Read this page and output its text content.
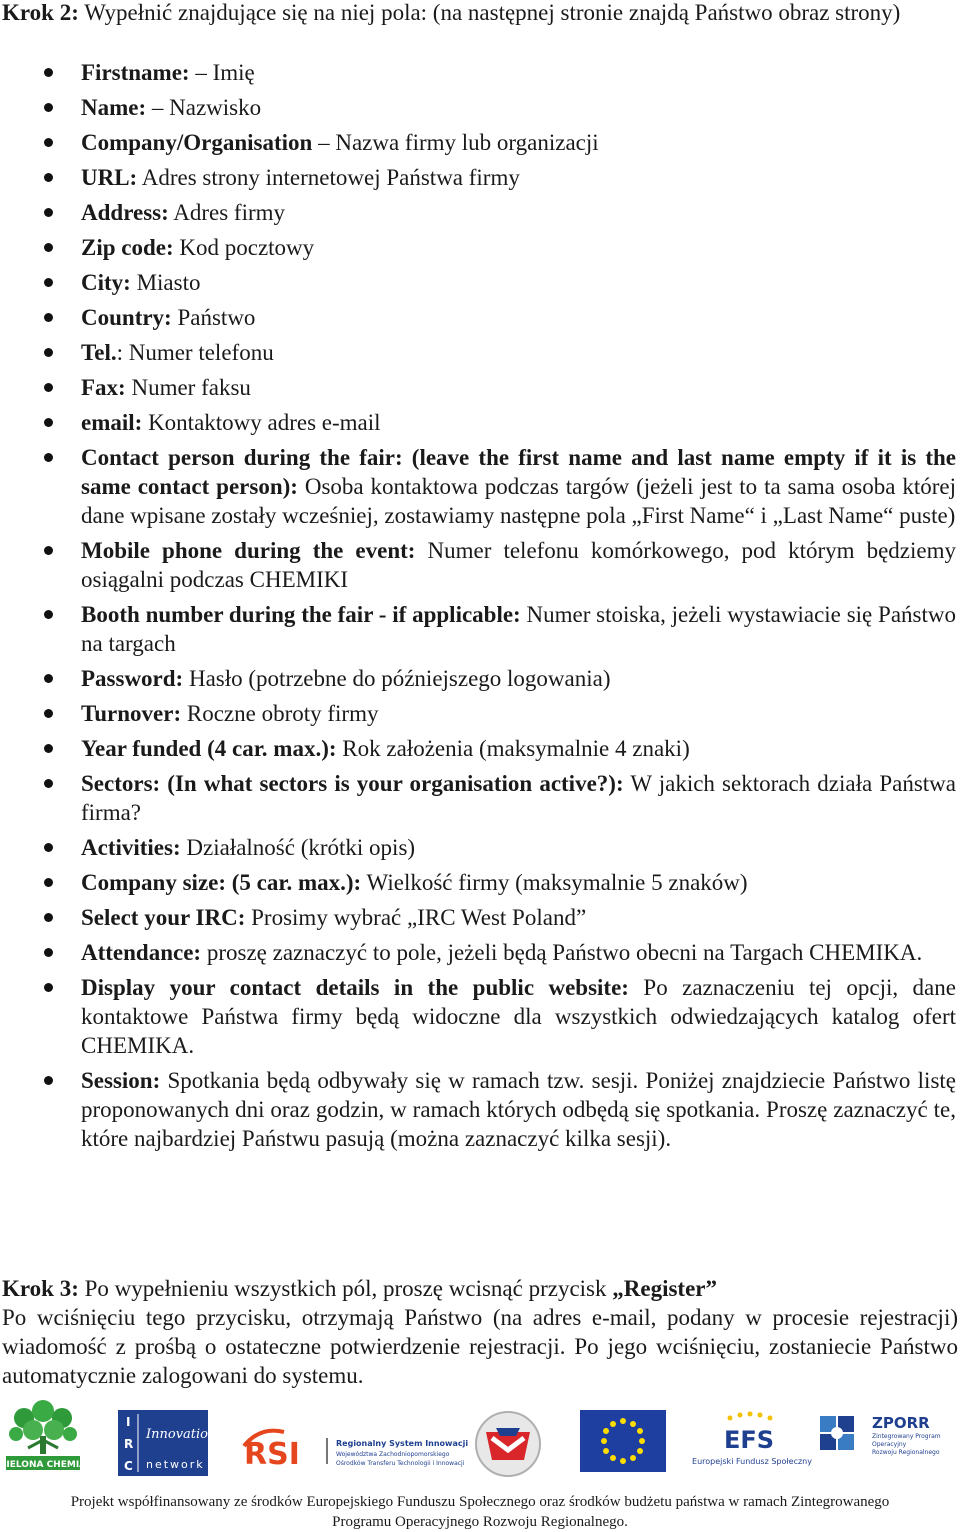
Krok 2: Wypełnić znajdujące się na niej pola: (na następnej stronie znajdą Państwo obraz strony)
Firstname: – Imię
Name: – Nazwisko
Company/Organisation – Nazwa firmy lub organizacji
URL: Adres strony internetowej Państwa firmy
Address: Adres firmy
Zip code: Kod pocztowy
City: Miasto
Country: Państwo
Tel.: Numer telefonu
Fax: Numer faksu
email: Kontaktowy adres e-mail
Contact person during the fair: (leave the first name and last name empty if it is the same contact person): Osoba kontaktowa podczas targów (jeżeli jest to ta sama osoba której dane wpisane zostały wcześniej, zostawiamy następne pola „First Name“ i „Last Name“ puste)
Mobile phone during the event: Numer telefonu komórkowego, pod którym będziemy osiągalni podczas CHEMIKI
Booth number during the fair - if applicable: Numer stoiska, jeżeli wystawiacie się Państwo na targach
Password: Hasło (potrzebne do późniejszego logowania)
Turnover: Roczne obroty firmy
Year funded (4 car. max.): Rok założenia (maksymalnie 4 znaki)
Sectors: (In what sectors is your organisation active?): W jakich sektorach działa Państwa firma?
Activities: Działalność (krótki opis)
Company size: (5 car. max.): Wielkość firmy (maksymalnie 5 znaków)
Select your IRC: Prosimy wybrać „IRC West Poland”
Attendance: proszę zaznaczyć to pole, jeżeli będą Państwo obecni na Targach CHEMIKA.
Display your contact details in the public website: Po zaznaczeniu tej opcji, dane kontaktowe Państwa firmy będą widoczne dla wszystkich odwiedzających katalog ofert CHEMIKA.
Session: Spotkania będą odbywały się w ramach tzw. sesji. Poniżej znajdziecie Państwo listę proponowanych dni oraz godzin, w ramach których odbędą się spotkania. Proszę zaznaczyć te, które najbardziej Państwu pasują (można zaznaczyć kilka sesji).

Krok 3: Po wypełnieniu wszystkich pól, proszę wcisnąć przycisk „Register”

Po wciśnięciu tego przycisku, otrzymają Państwo (na adres e-mail, podany w procesie rejestracji) wiadomość z prośbą o ostateczne potwierdzenie rejestracji. Po jego wciśnięciu, zostaniecie Państwo automatycznie zalogowani do systemu.

ZIELONA CHEMIA
I
R
C
Innovation
network RSI	Regionalny System Innowacji
Województwa Zachodniopomorskiego
Ośrodków Transferu Technologii i Innowacji
EFS
Europejski Fundusz Społeczny
ZPORR
Zintegrowany Program
Operacyjny
Rozwoju Regionalnego
Projekt współfinansowany ze środków Europejskiego Funduszu Społecznego oraz środków budżetu państwa w ramach Zintegrowanego
Programu Operacyjnego Rozwoju Regionalnego.
